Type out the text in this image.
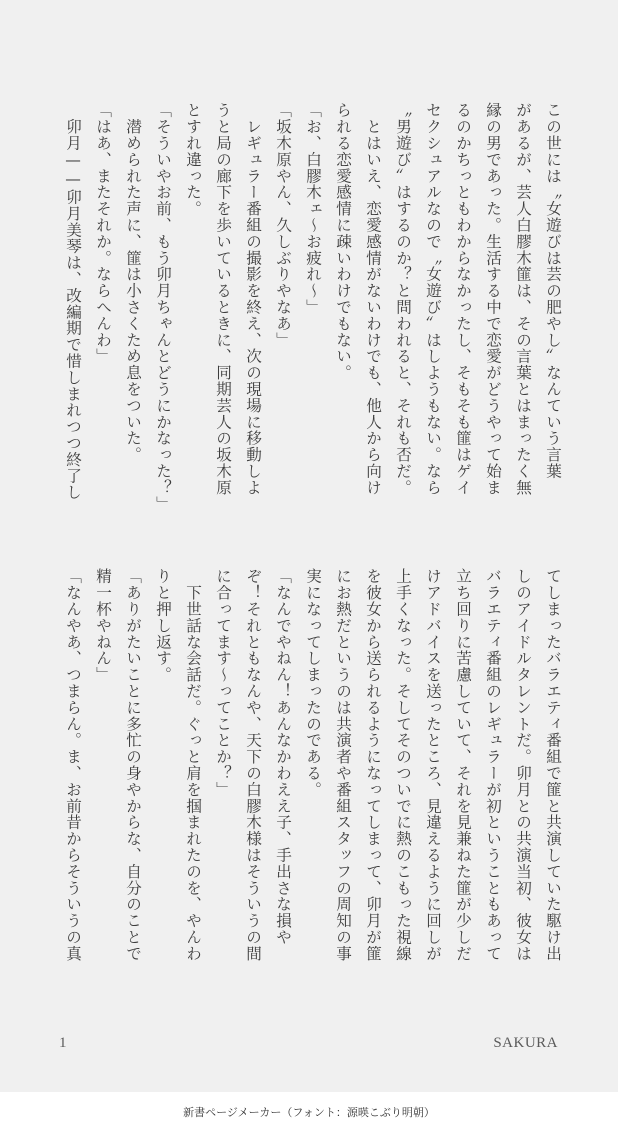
この世には〝女遊びは芸の肥やし〟なんていう言葉
があるが、芸人白膠木篚は、その言葉とはまったく無
縁の男であった。生活する中で恋愛がどうやって始ま
るのかちっともわからなかったし、そもそも篚はゲイ
セクシュアルなので〝女遊び〟はしようもない。なら
〝男遊び〟はするのか？と問われると、それも否だ。
　とはいえ、恋愛感情がないわけでも、他人から向け
られる恋愛感情に疎いわけでもない。
「お、白膠木ェ〜お疲れ〜」
「坂木原やん、久しぶりやなあ」
　レギュラー番組の撮影を終え、次の現場に移動しよ
うと局の廊下を歩いているときに、同期芸人の坂木原
とすれ違った。
「そういやお前、もう卯月ちゃんとどうにかなった？」
　潜められた声に、篚は小さくため息をついた。
「はあ、またそれか。ならへんわ」
　卯月——卯月美琴は、改編期で惜しまれつつ終了し
てしまったバラエティ番組で篚と共演していた駆け出
しのアイドルタレントだ。卯月との共演当初、彼女は
バラエティ番組のレギュラーが初ということもあって
立ち回りに苦慮していて、それを見兼ねた篚が少しだ
けアドバイスを送ったところ、見違えるように回しが
上手くなった。そしてそのついでに熱のこもった視線
を彼女から送られるようになってしまって、卯月が篚
にお熱だというのは共演者や番組スタッフの周知の事
実になってしまったのである。
「なんでやねん！あんなかわええ子、手出さな損や
ぞ！それともなんや、天下の白膠木様はそういうの間
に合ってます〜ってことか？」
　下世話な会話だ。ぐっと肩を掴まれたのを、やんわ
りと押し返す。
「ありがたいことに多忙の身やからな、自分のことで
精一杯やねん」
「なんやあ、つまらん。ま、お前昔からそういうの真
1	SAKURA
新書ページメーカー（フォント：源暎こぶり明朝）
